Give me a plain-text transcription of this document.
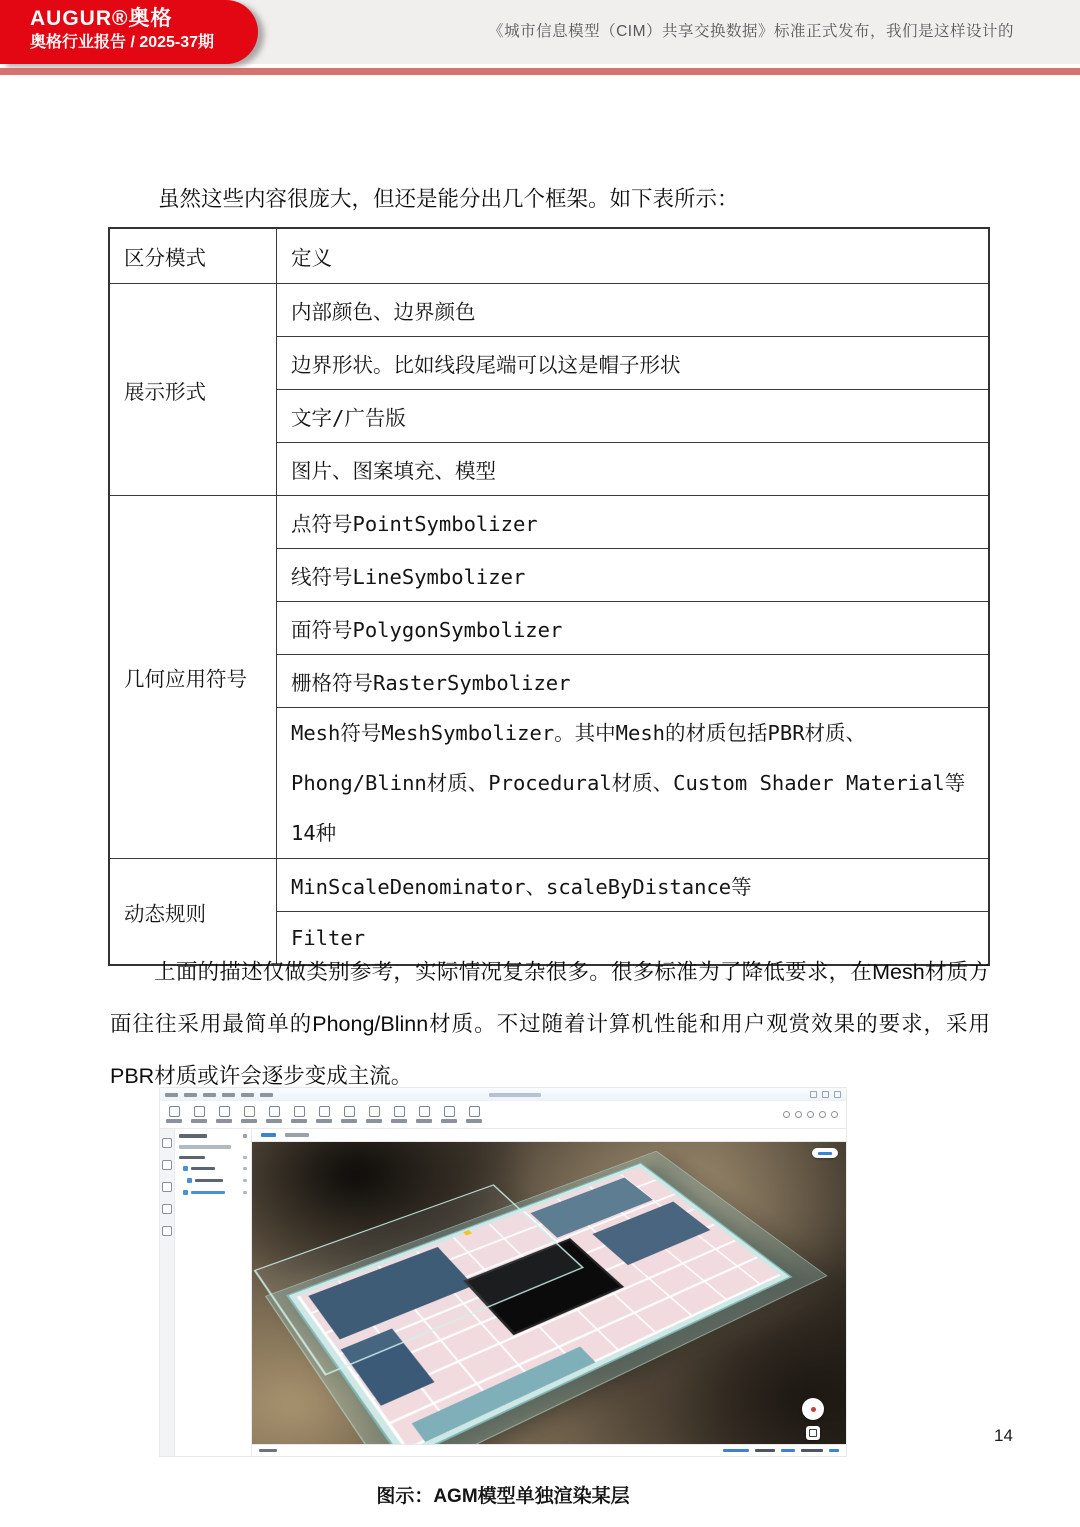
《城市信息模型（CIM）共享交换数据》标准正式发布，我们是这样设计的
AUGUR®奥格
奥格行业报告 / 2025-37期
虽然这些内容很庞大，但还是能分出几个框架。如下表所示：
区分模式	定义
展示形式	内部颜色、边界颜色
	边界形状。比如线段尾端可以这是帽子形状
	文字/广告版
	图片、图案填充、模型
几何应用符号	点符号PointSymbolizer
	线符号LineSymbolizer
	面符号PolygonSymbolizer
	栅格符号RasterSymbolizer
	Mesh符号MeshSymbolizer。其中Mesh的材质包括PBR材质、Phong/Blinn材质、Procedural材质、Custom Shader Material等14种
动态规则	MinScaleDenominator、scaleByDistance等
	Filter
上面的描述仅做类别参考，实际情况复杂很多。很多标准为了降低要求，在Mesh材质方面往往采用最简单的Phong/Blinn材质。不过随着计算机性能和用户观赏效果的要求，采用PBR材质或许会逐步变成主流。
图示：AGM模型单独渲染某层
14
